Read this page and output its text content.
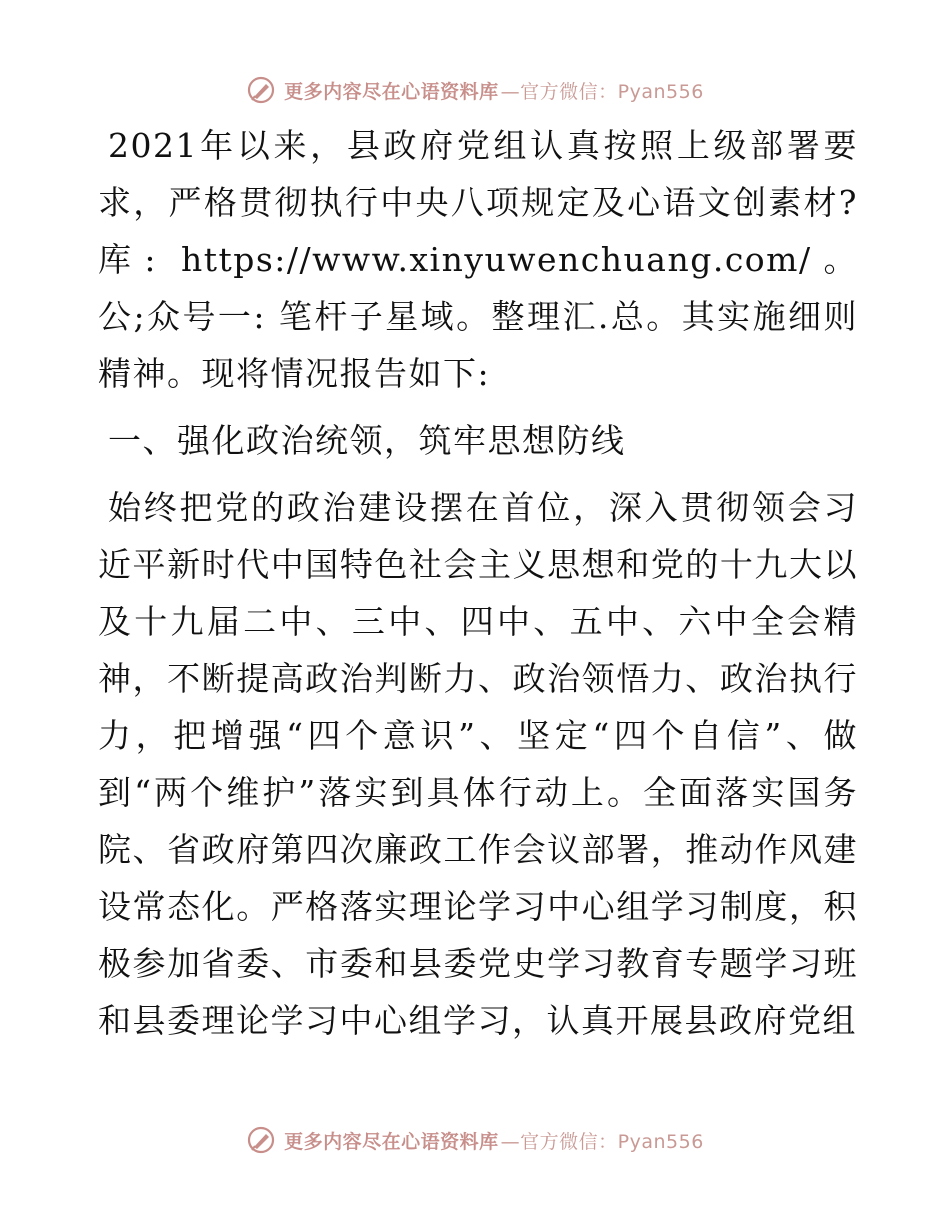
更多内容尽在心语资料库 —官方微信：Pyan556

2021年以来，县政府党组认真按照上级部署要求，严格贯彻执行中央八项规定及心语文创素材?库: https://www.xinyuwenchuang.com/。公;众号一: 笔杆子星域。整理汇.总。其实施细则精神。现将情况报告如下:

一、强化政治统领，筑牢思想防线

始终把党的政治建设摆在首位，深入贯彻领会习近平新时代中国特色社会主义思想和党的十九大以及十九届二中、三中、四中、五中、六中全会精神，不断提高政治判断力、政治领悟力、政治执行力，把增强“四个意识”、坚定“四个自信”、做到“两个维护”落实到具体行动上。全面落实国务院、省政府第四次廉政工作会议部署，推动作风建设常态化。严格落实理论学习中心组学习制度，积极参加省委、市委和县委党史学习教育专题学习班和县委理论学习中心组学习，认真开展县政府党组

更多内容尽在心语资料库 —官方微信：Pyan556
